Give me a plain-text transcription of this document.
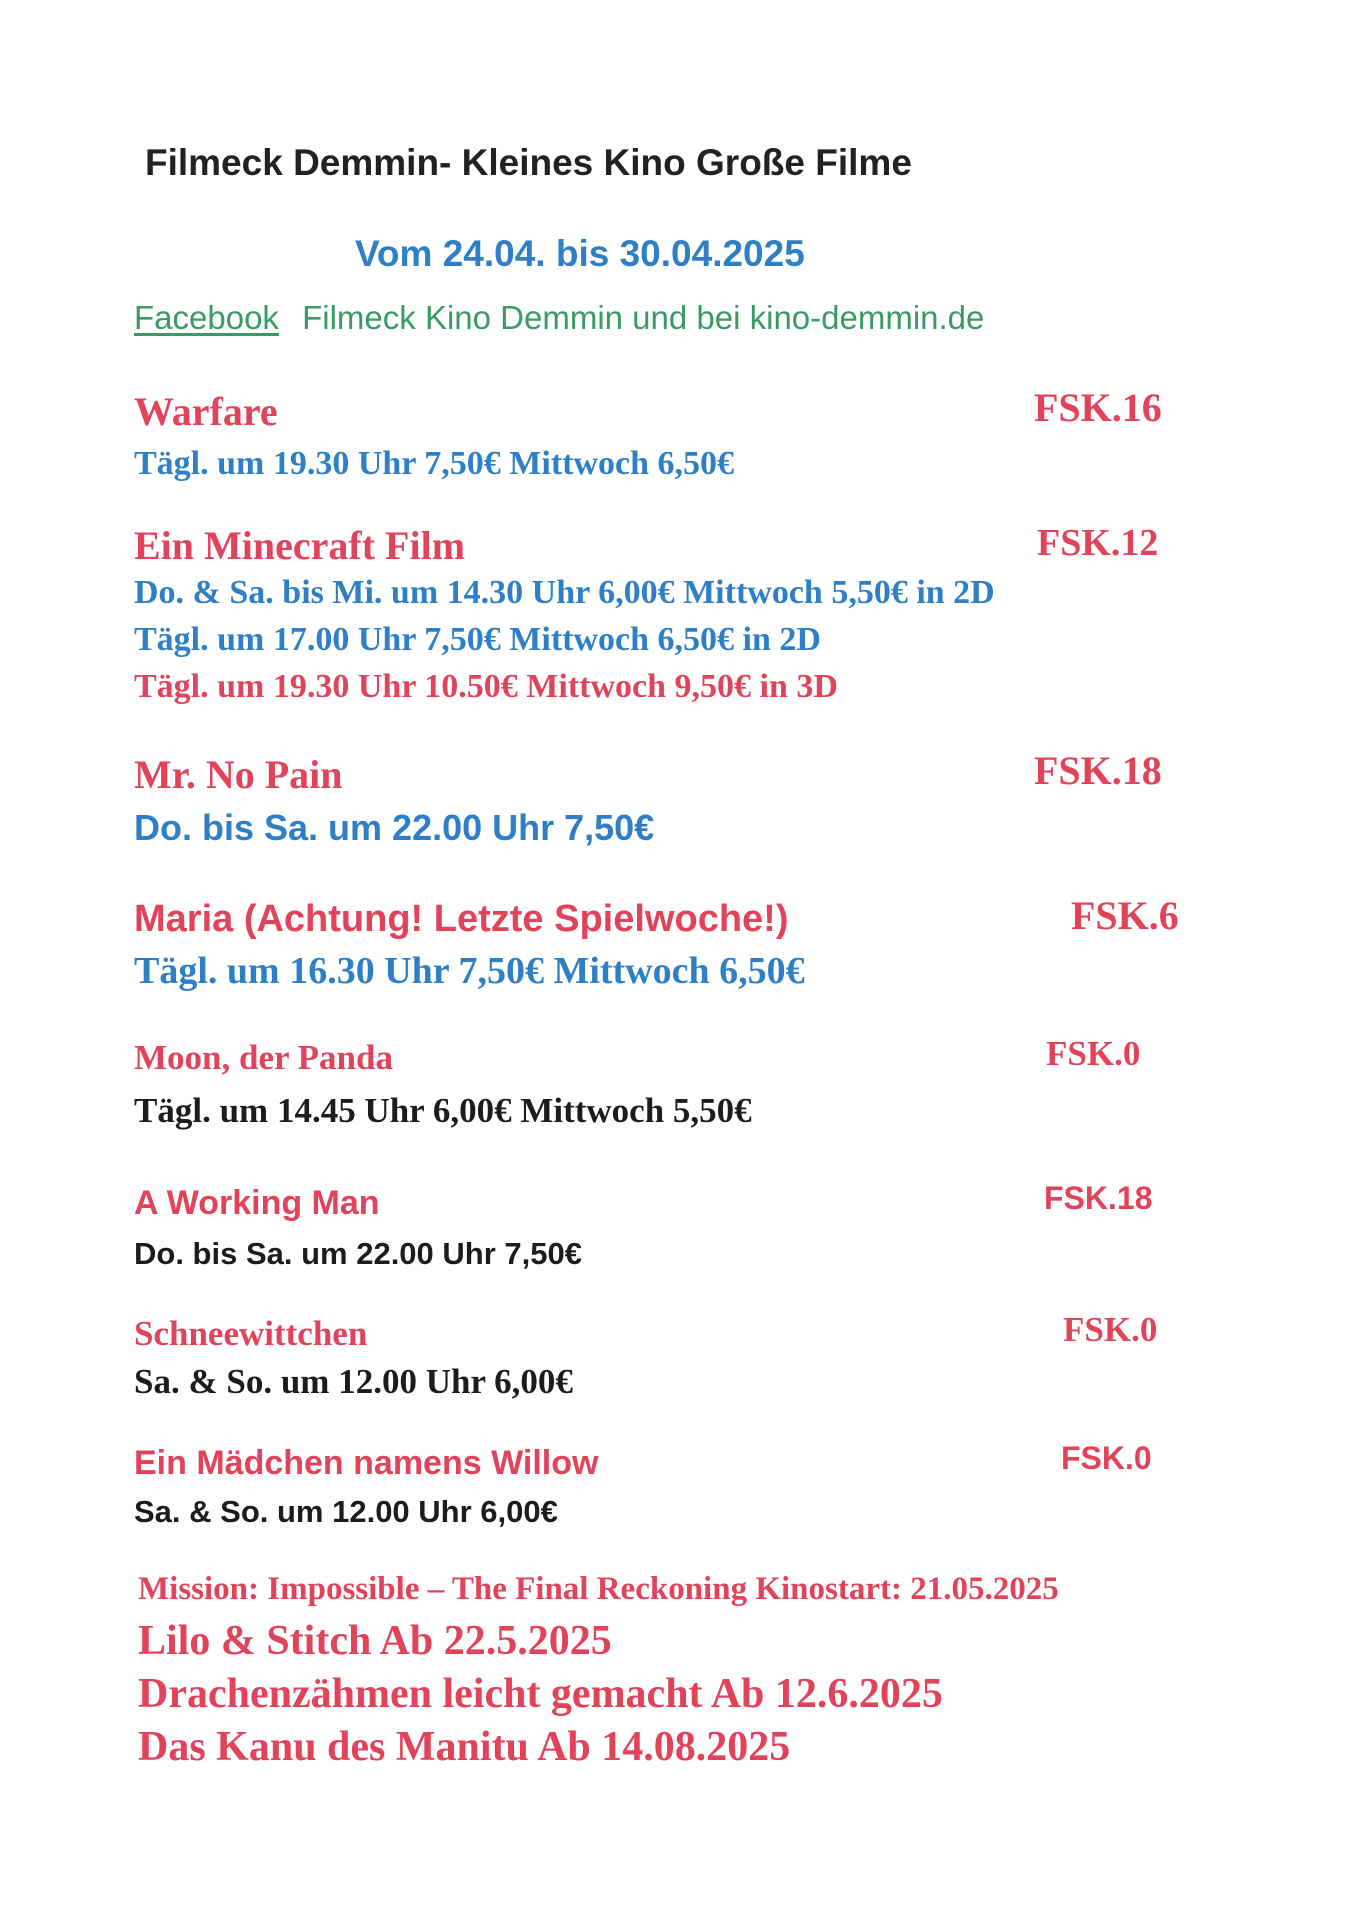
Filmeck Demmin- Kleines Kino Große Filme
Vom 24.04. bis 30.04.2025
Facebook Filmeck Kino Demmin und bei kino-demmin.de
Warfare	FSK.16
Tägl. um 19.30 Uhr 7,50€ Mittwoch 6,50€
Ein Minecraft Film	FSK.12
Do. & Sa. bis Mi. um 14.30 Uhr 6,00€ Mittwoch 5,50€ in 2D
Tägl. um 17.00 Uhr 7,50€ Mittwoch 6,50€ in 2D
Tägl. um 19.30 Uhr 10.50€ Mittwoch 9,50€ in 3D
Mr. No Pain	FSK.18
Do. bis Sa. um 22.00 Uhr 7,50€
Maria (Achtung! Letzte Spielwoche!)	FSK.6
Tägl. um 16.30 Uhr 7,50€ Mittwoch 6,50€
Moon, der Panda	FSK.0
Tägl. um 14.45 Uhr 6,00€ Mittwoch 5,50€
A Working Man	FSK.18
Do. bis Sa. um 22.00 Uhr 7,50€
Schneewittchen	FSK.0
Sa. & So. um 12.00 Uhr 6,00€
Ein Mädchen namens Willow	FSK.0
Sa. & So. um 12.00 Uhr 6,00€
Mission: Impossible – The Final Reckoning Kinostart: 21.05.2025
Lilo & Stitch Ab 22.5.2025
Drachenzähmen leicht gemacht Ab 12.6.2025
Das Kanu des Manitu Ab 14.08.2025
